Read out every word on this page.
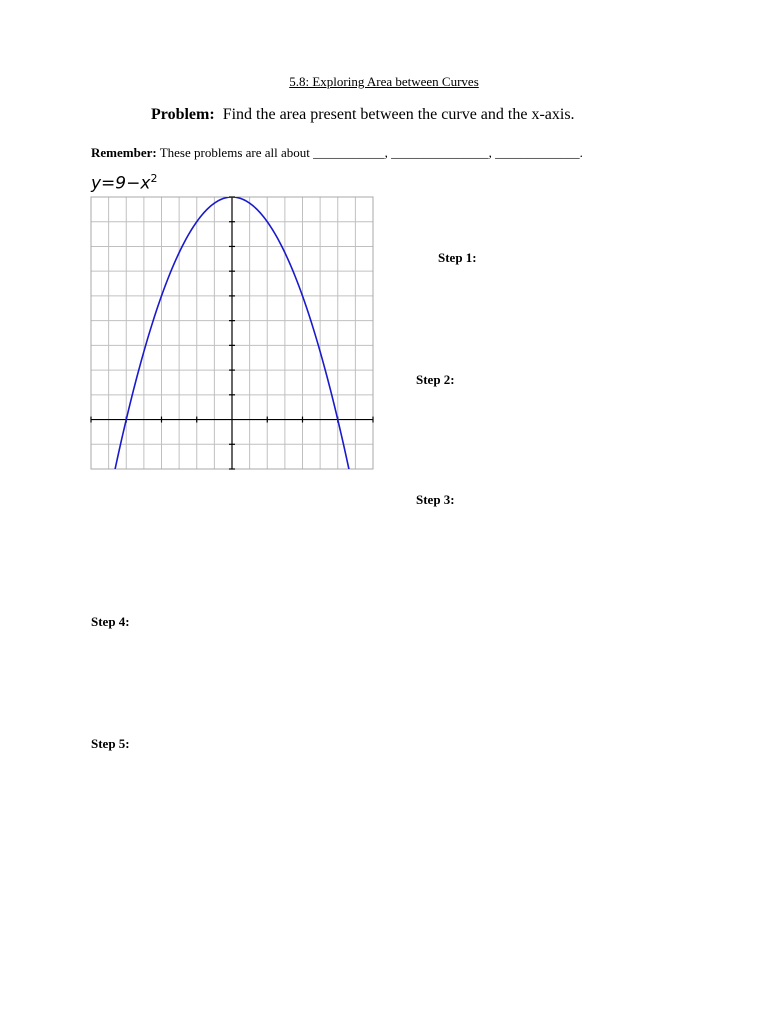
5.8: Exploring Area between Curves
Problem: Find the area present between the curve and the x-axis.
Remember: These problems are all about ___________, _______________, _____________.
$y=9-x^2$
Step 1:
Step 2:
Step 3:
Step 4:
Step 5:
